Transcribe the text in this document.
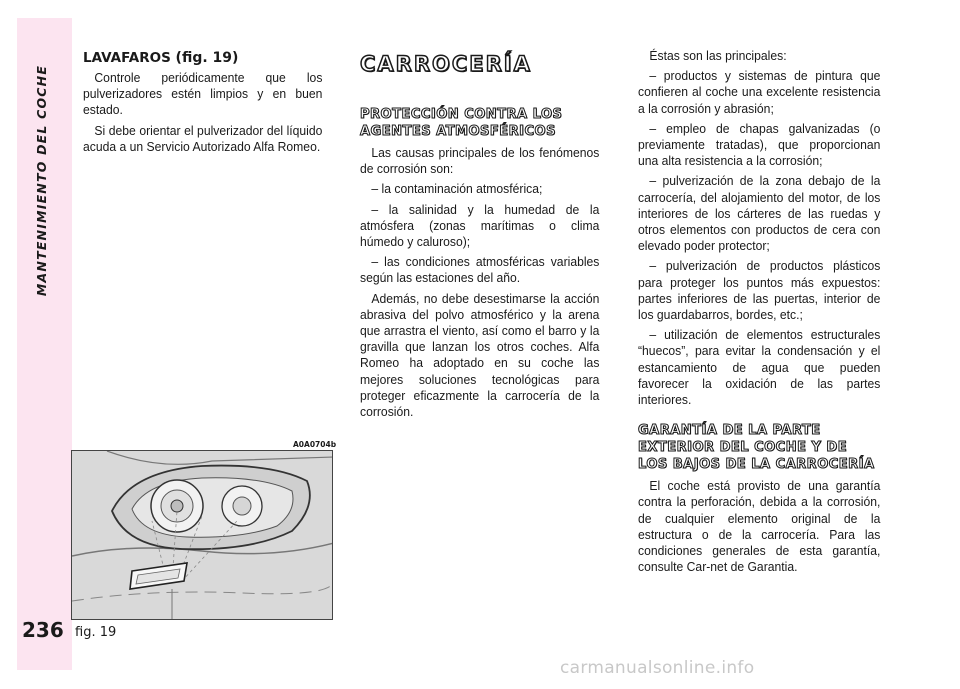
MANTENIMIENTO DEL COCHE
236
LAVAFAROS (fig. 19)

Controle periódicamente que los pulverizadores estén limpios y en buen estado.

Si debe orientar el pulverizador del líquido acuda a un Servicio Autorizado Alfa Romeo.

A0A0704b
fig. 19
CARROCERÍA
PROTECCIÓN CONTRA LOS
AGENTES ATMOSFÉRICOS

Las causas principales de los fenómenos de corrosión son:

– la contaminación atmosférica;

– la salinidad y la humedad de la atmósfera (zonas marítimas o clima húmedo y caluroso);

– las condiciones atmosféricas variables según las estaciones del año.

Además, no debe desestimarse la acción abrasiva del polvo atmosférico y la arena que arrastra el viento, así como el barro y la gravilla que lanzan los otros coches. Alfa Romeo ha adoptado en su coche las mejores soluciones tecnológicas para proteger eficazmente la carrocería de la corrosión.

Éstas son las principales:

– productos y sistemas de pintura que confieren al coche una excelente resistencia a la corrosión y abrasión;

– empleo de chapas galvanizadas (o previamente tratadas), que proporcionan una alta resistencia a la corrosión;

– pulverización de la zona debajo de la carrocería, del alojamiento del motor, de los interiores de los cárteres de las ruedas y otros elementos con productos de cera con elevado poder protector;

– pulverización de productos plásticos para proteger los puntos más expuestos: partes inferiores de las puertas, interior de los guardabarros, bordes, etc.;

– utilización de elementos estructurales “huecos”, para evitar la condensación y el estancamiento de agua que pueden favorecer la oxidación de las partes interiores.

GARANTÍA DE LA PARTE
EXTERIOR DEL COCHE Y DE
LOS BAJOS DE LA CARROCERÍA

El coche está provisto de una garantía contra la perforación, debida a la corrosión, de cualquier elemento original de la estructura o de la carrocería. Para las condiciones generales de esta garantía, consulte Car-net de Garantia.

carmanualsonline.info
